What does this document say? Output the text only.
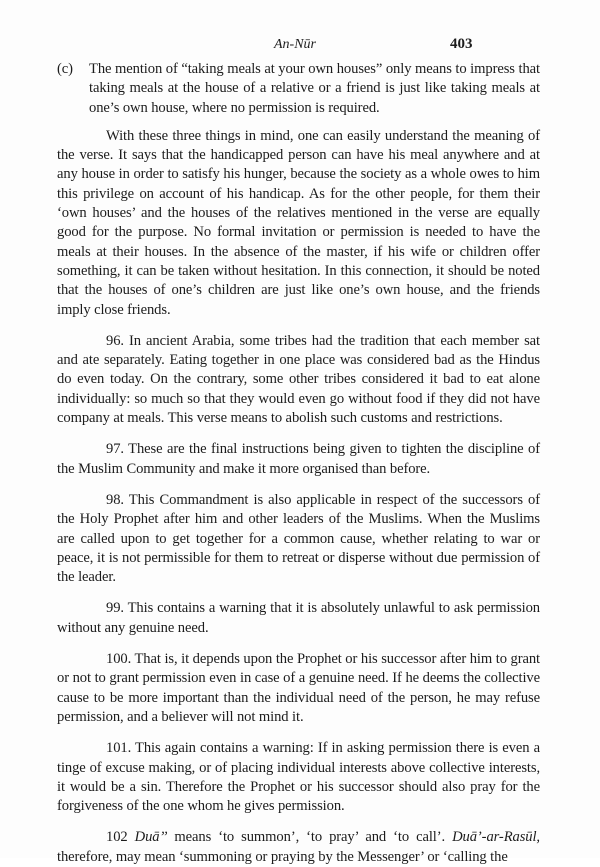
An-Nūr	403
(c)	The mention of “taking meals at your own houses” only means to impress that taking meals at the house of a relative or a friend is just like taking meals at one’s own house, where no permission is required.

With these three things in mind, one can easily understand the meaning of the verse. It says that the handicapped person can have his meal anywhere and at any house in order to satisfy his hunger, because the society as a whole owes to him this privilege on account of his handicap. As for the other people, for them their ‘own houses’ and the houses of the relatives mentioned in the verse are equally good for the purpose. No formal invitation or permission is needed to have the meals at their houses. In the absence of the master, if his wife or children offer something, it can be taken without hesitation. In this connection, it should be noted that the houses of one’s children are just like one’s own house, and the friends imply close friends.

96. In ancient Arabia, some tribes had the tradition that each member sat and ate separately. Eating together in one place was considered bad as the Hindus do even today. On the contrary, some other tribes considered it bad to eat alone individually: so much so that they would even go without food if they did not have company at meals. This verse means to abolish such customs and restrictions.

97. These are the final instructions being given to tighten the discipline of the Muslim Community and make it more organised than before.

98. This Commandment is also applicable in respect of the successors of the Holy Prophet after him and other leaders of the Muslims. When the Muslims are called upon to get together for a common cause, whether relating to war or peace, it is not permissible for them to retreat or disperse without due permission of the leader.

99. This contains a warning that it is absolutely unlawful to ask permission without any genuine need.

100. That is, it depends upon the Prophet or his successor after him to grant or not to grant permission even in case of a genuine need. If he deems the collective cause to be more important than the individual need of the person, he may refuse permission, and a believer will not mind it.

101. This again contains a warning: If in asking permission there is even a tinge of excuse making, or of placing individual interests above collective interests, it would be a sin. Therefore the Prophet or his successor should also pray for the forgiveness of the one whom he gives permission.

102 Duā’’ means ‘to summon’, ‘to pray’ and ‘to call’. Duā’-ar-Rasūl, therefore, may mean ‘summoning or praying by the Messenger’ or ‘calling the
